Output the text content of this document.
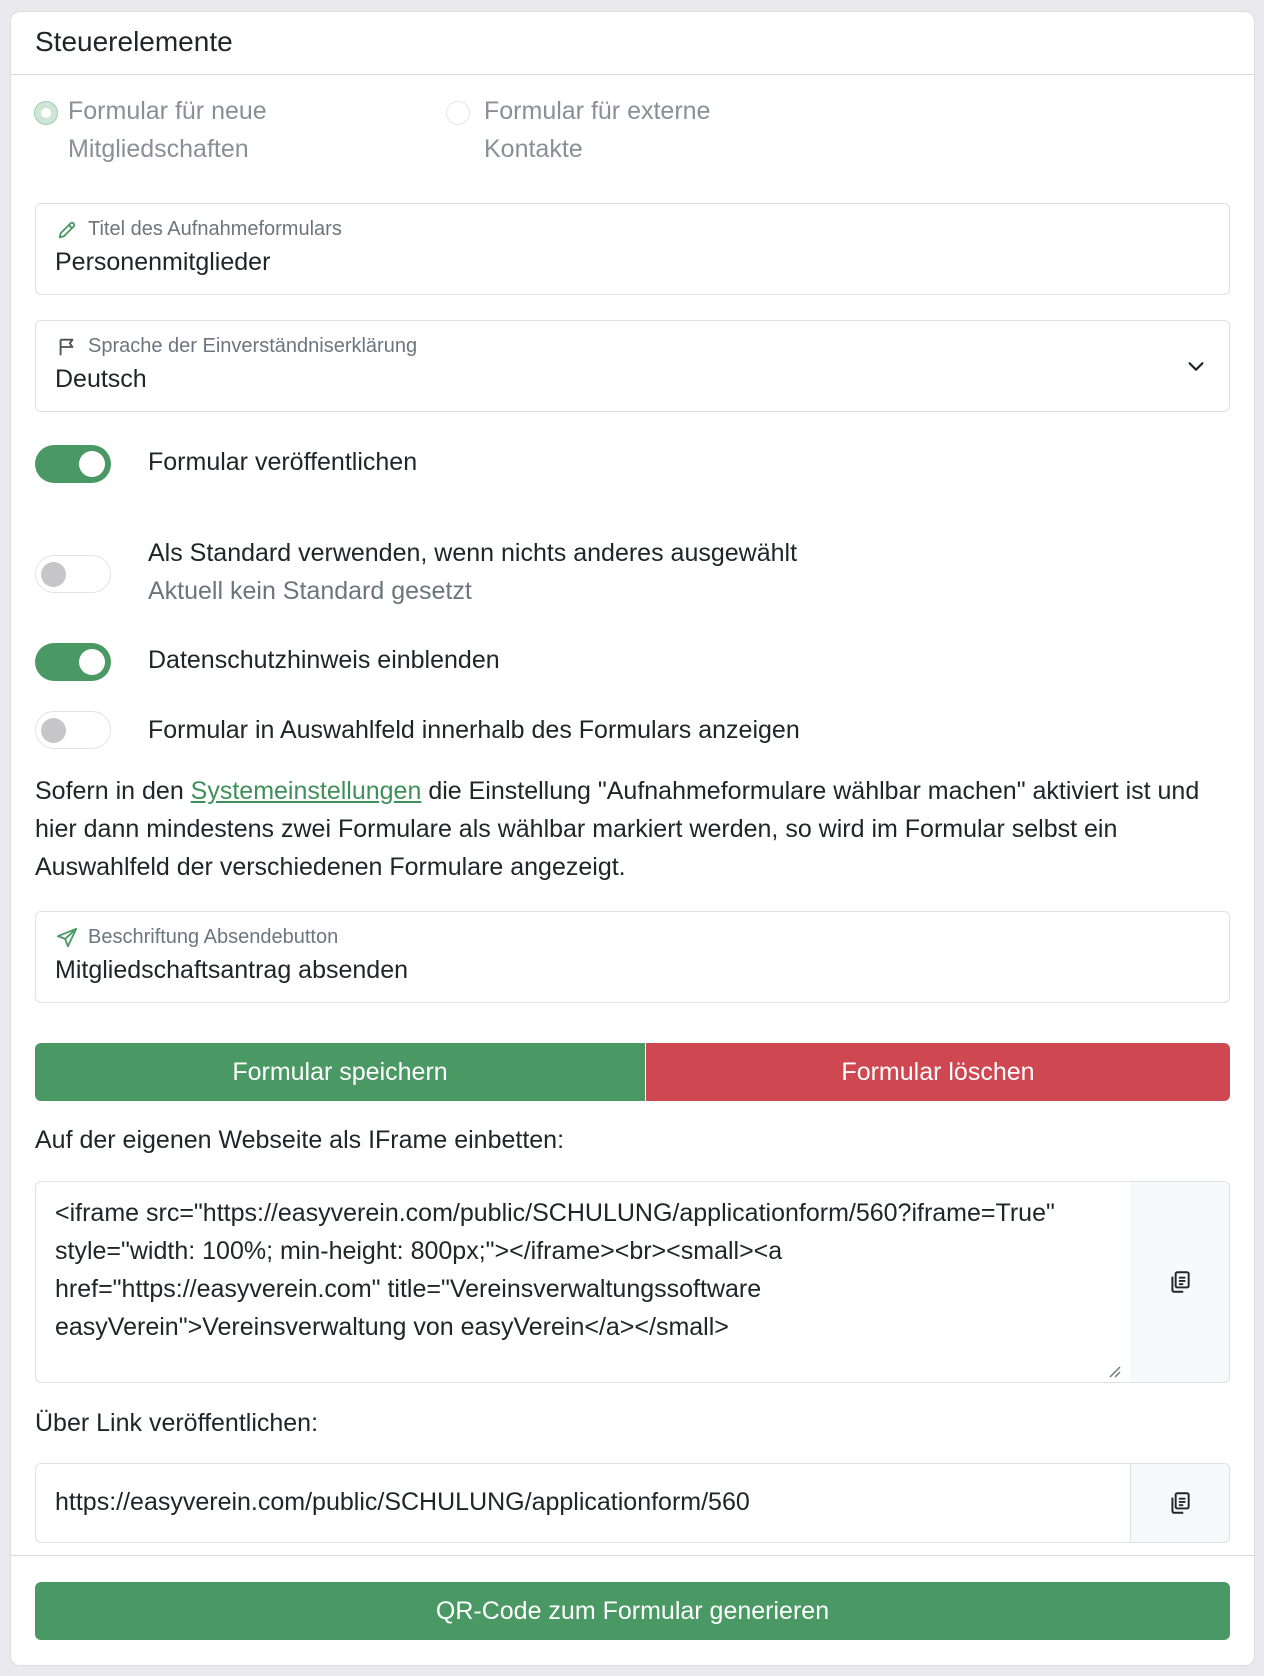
Steuerelemente
Formular für neue
Mitgliedschaften
Formular für externe
Kontakte
Titel des Aufnahmeformulars
Personenmitglieder
Sprache der Einverständniserklärung
Deutsch
Formular veröffentlichen
Als Standard verwenden, wenn nichts anderes ausgewählt
Aktuell kein Standard gesetzt
Datenschutzhinweis einblenden
Formular in Auswahlfeld innerhalb des Formulars anzeigen
Sofern in den Systemeinstellungen die Einstellung "Aufnahmeformulare wählbar machen" aktiviert ist und hier dann mindestens zwei Formulare als wählbar markiert werden, so wird im Formular selbst ein Auswahlfeld der verschiedenen Formulare angezeigt.
Beschriftung Absendebutton
Mitgliedschaftsantrag absenden
Formular speichern	Formular löschen
Auf der eigenen Webseite als IFrame einbetten:
<iframe src="https://easyverein.com/public/SCHULUNG/applicationform/560?iframe=True"
style="width: 100%; min-height: 800px;"></iframe><br><small><a
href="https://easyverein.com" title="Vereinsverwaltungssoftware
easyVerein">Vereinsverwaltung von easyVerein</a></small>
Über Link veröffentlichen:
https://easyverein.com/public/SCHULUNG/applicationform/560
QR-Code zum Formular generieren
